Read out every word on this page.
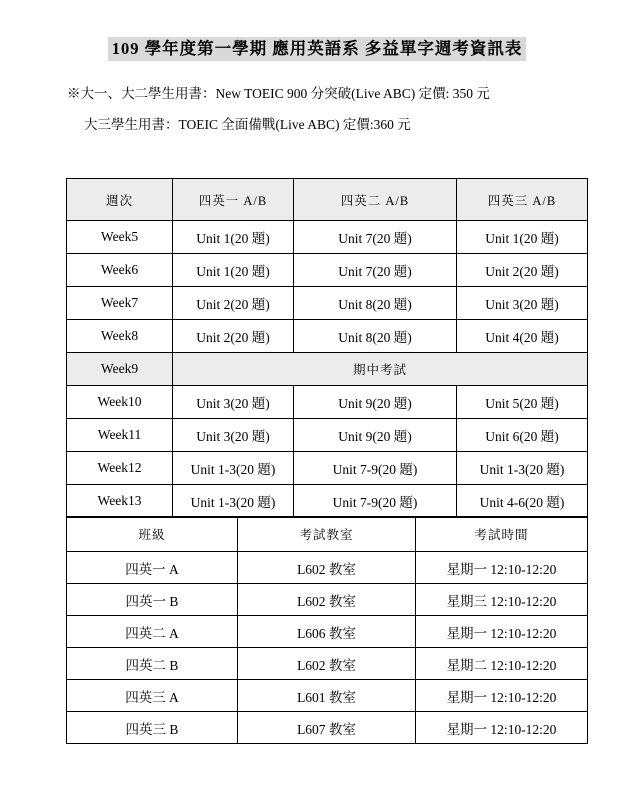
109 學年度第一學期 應用英語系 多益單字週考資訊表
※大一、大二學生用書：New TOEIC 900 分突破(Live ABC) 定價: 350 元
大三學生用書：TOEIC 全面備戰(Live ABC) 定價:360 元
週次	四英一 A/B	四英二 A/B	四英三 A/B
Week5	Unit 1(20 題)	Unit 7(20 題)	Unit 1(20 題)
Week6	Unit 1(20 題)	Unit 7(20 題)	Unit 2(20 題)
Week7	Unit 2(20 題)	Unit 8(20 題)	Unit 3(20 題)
Week8	Unit 2(20 題)	Unit 8(20 題)	Unit 4(20 題)
Week9	期中考試		
Week10	Unit 3(20 題)	Unit 9(20 題)	Unit 5(20 題)
Week11	Unit 3(20 題)	Unit 9(20 題)	Unit 6(20 題)
Week12	Unit 1-3(20 題)	Unit 7-9(20 題)	Unit 1-3(20 題)
Week13	Unit 1-3(20 題)	Unit 7-9(20 題)	Unit 4-6(20 題)
班級	考試教室	考試時間
四英一 A	L602 教室	星期一 12:10-12:20
四英一 B	L602 教室	星期三 12:10-12:20
四英二 A	L606 教室	星期一 12:10-12:20
四英二 B	L602 教室	星期二 12:10-12:20
四英三 A	L601 教室	星期一 12:10-12:20
四英三 B	L607 教室	星期一 12:10-12:20
